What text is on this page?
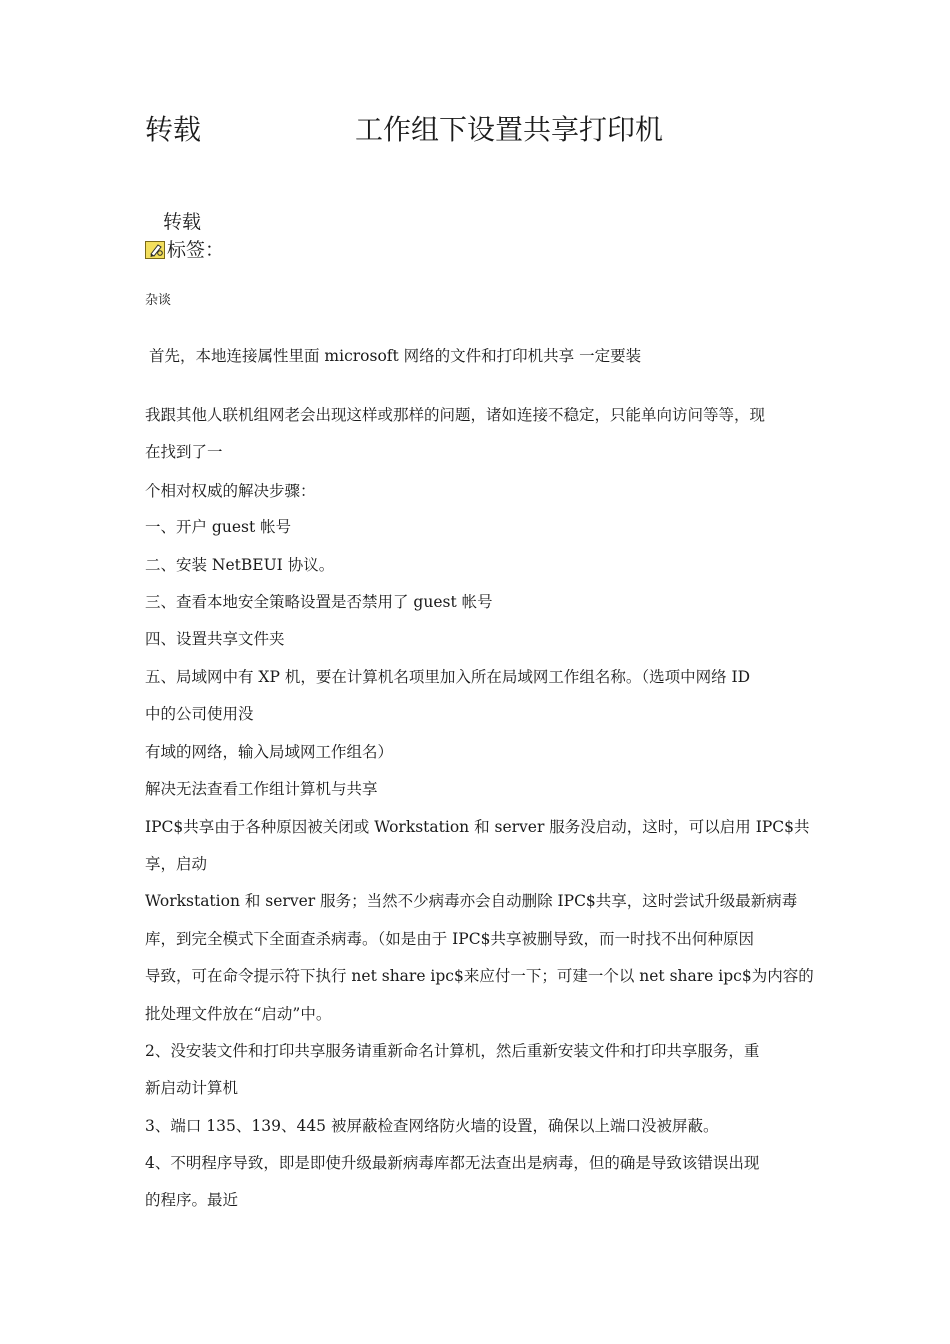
转载	工作组下设置共享打印机
转载
标签：
杂谈
首先，本地连接属性里面 microsoft 网络的文件和打印机共享 一定要装
我跟其他人联机组网老会出现这样或那样的问题，诸如连接不稳定，只能单向访问等等，现
在找到了一
个相对权威的解决步骤：
一、开户 guest 帐号
二、安装 NetBEUI 协议。
三、查看本地安全策略设置是否禁用了 guest 帐号
四、设置共享文件夹
五、局域网中有 XP 机，要在计算机名项里加入所在局域网工作组名称。（选项中网络 ID
中的公司使用没
有域的网络，输入局域网工作组名）
解决无法查看工作组计算机与共享
IPC$共享由于各种原因被关闭或 Workstation 和 server 服务没启动，这时，可以启用 IPC$共
享，启动
Workstation 和 server 服务；当然不少病毒亦会自动删除 IPC$共享，这时尝试升级最新病毒
库，到完全模式下全面查杀病毒。（如是由于 IPC$共享被删导致，而一时找不出何种原因
导致，可在命令提示符下执行 net share ipc$来应付一下；可建一个以 net share ipc$为内容的
批处理文件放在“启动”中。
2、没安装文件和打印共享服务请重新命名计算机，然后重新安装文件和打印共享服务，重
新启动计算机
3、端口 135、139、445 被屏蔽检查网络防火墙的设置，确保以上端口没被屏蔽。
4、不明程序导致，即是即使升级最新病毒库都无法查出是病毒，但的确是导致该错误出现
的程序。最近
